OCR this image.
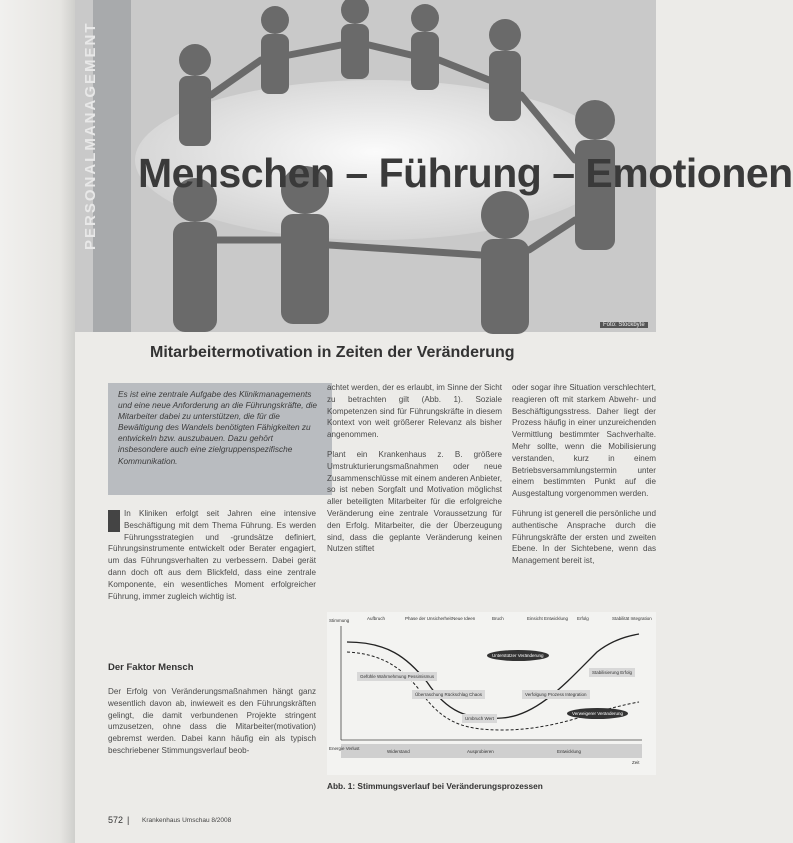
PERSONALMANAGEMENT Menschen – Führung – Emotionen
Foto: Stockbyte
Mitarbeitermotivation in Zeiten der Veränderung
Es ist eine zentrale Aufgabe des Klinikmanagements und eine neue Anforderung an die Führungskräfte, die Mitarbeiter dabei zu unterstützen, die für die Bewältigung des Wandels benötigten Fähigkeiten zu entwickeln bzw. auszubauen. Dazu gehört insbesondere auch eine zielgruppenspezifische Kommunikation.

In Kliniken erfolgt seit Jahren eine intensive Beschäftigung mit dem Thema Führung. Es werden Führungsstrategien und -grundsätze definiert, Führungsinstrumente entwickelt oder Berater engagiert, um das Führungsverhalten zu verbessern. Dabei gerät dann doch oft aus dem Blickfeld, dass eine zentrale Komponente, ein wesentliches Moment erfolgreicher Führung, immer zugleich wichtig ist.

Der Faktor Mensch

Der Erfolg von Veränderungsmaßnahmen hängt ganz wesentlich davon ab, inwieweit es den Führungskräften gelingt, die damit verbundenen Projekte stringent umzusetzen, ohne dass die Mitarbeiter(motivation) gebremst werden. Dabei kann häufig ein als typisch beschriebener Stimmungsverlauf beob-

achtet werden, der es erlaubt, im Sinne der Sicht zu betrachten gilt (Abb. 1). Soziale Kompetenzen sind für Führungskräfte in diesem Kontext von weit größerer Relevanz als bisher angenommen.

Plant ein Krankenhaus z. B. größere Umstrukturierungsmaßnahmen oder neue Zusammenschlüsse mit einem anderen Anbieter, so ist neben Sorgfalt und Motivation möglichst aller beteiligten Mitarbeiter für die erfolgreiche Veränderung eine zentrale Voraussetzung für den Erfolg. Mitarbeiter, die der Überzeugung sind, dass die geplante Veränderung keinen Nutzen stiftet

oder sogar ihre Situation verschlechtert, reagieren oft mit starkem Abwehr- und Beschäftigungsstress. Daher liegt der Prozess häufig in einer unzureichenden Vermittlung bestimmter Sachverhalte. Mehr sollte, wenn die Mobilisierung verstanden, kurz in einem Betriebsversammlungstermin unter einem bestimmten Punkt auf die Ausgestaltung vorgenommen werden.

Führung ist generell die persönliche und authentische Ansprache durch die Führungskräfte der ersten und zweiten Ebene. In der Sichtebene, wenn das Management bereit ist,

Stimmung	Aufbruch	Phase der Unsicherheit Neue Ideen	Bruch	Einsicht Entwicklung Erfolg	Stabilität Integration
Unterstützer Veränderung
Verweigerer Veränderung
Gefühle Wahrnehmung Pessimismus
Überraschung Rückschlag Chaos
Umbruch Wert
Verfolgung Prozess Integration
Stabilisierung Erfolg
Energie Verlust
Widerstand	Ausprobieren	Entwicklung
Zeit
Abb. 1: Stimmungsverlauf bei Veränderungsprozessen
572 | Krankenhaus Umschau 8/2008
